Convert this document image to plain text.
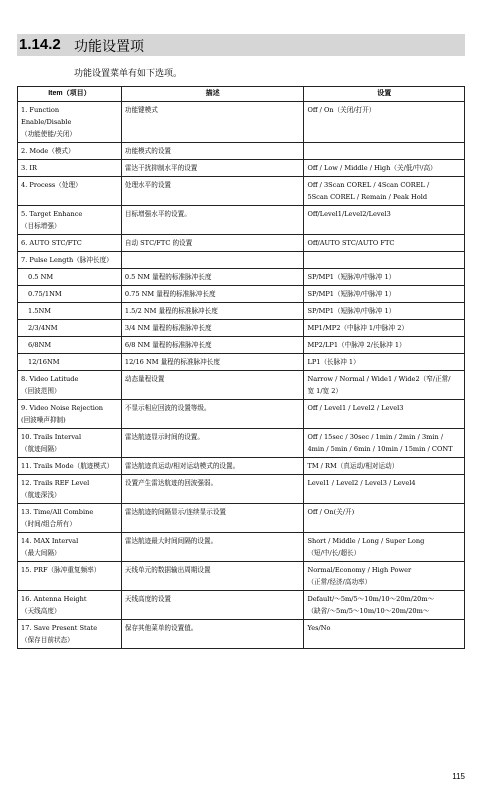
1.14.2 功能设置项
功能设置菜单有如下选项。
Item（项目）	描述	设置

1. Function
Enable/Disable
（功能使能/关闭）	功能键模式	Off / On（关闭/打开）

2. Mode（模式）	功能模式的设置	

3. IR	雷达干扰抑制水平的设置	Off / Low / Middle / High（关/低/中/高）

4. Process（处理）	处理水平的设置	Off / 3Scan COREL / 4Scan COREL /
5Scan COREL / Remain / Peak Hold

5. Target Enhance
（目标增强）	目标增强水平的设置。	Off/Level1/Level2/Level3

6. AUTO STC/FTC	自动 STC/FTC 的设置	Off/AUTO STC/AUTO FTC

7. Pulse Length（脉冲长度）		

0.5 NM	0.5 NM 量程的标准脉冲长度	SP/MP1（短脉冲/中脉冲 1）

0.75/1NM	0.75 NM 量程的标准脉冲长度	SP/MP1（短脉冲/中脉冲 1）

1.5NM	1.5/2 NM 量程的标准脉冲长度	SP/MP1（短脉冲/中脉冲 1）

2/3/4NM	3/4 NM 量程的标准脉冲长度	MP1/MP2（中脉冲 1/中脉冲 2）

6/8NM	6/8 NM 量程的标准脉冲长度	MP2/LP1（中脉冲 2/长脉冲 1）

12/16NM	12/16 NM 量程的标准脉冲长度	LP1（长脉冲 1）

8. Video Latitude
（回波范围）	动态量程设置	Narrow / Normal / Wide1 / Wide2（窄/正常/
宽 1/宽 2）

9. Video Noise Rejection
(回波噪声抑制)	不显示相应回波的设置等级。	Off / Level1 / Level2 / Level3

10. Trails Interval
（航迹间隔）	雷达航迹显示时间的设置。	Off / 15sec / 30sec / 1min / 2min / 3min /
4min / 5min / 6min / 10min / 15min / CONT

11. Trails Mode（航迹模式）	雷达航迹真运动/相对运动模式的设置。	TM / RM（真运动/相对运动）

12. Trails REF Level
（航迹深浅）	设置产生雷达航迹的回波强弱。	Level1 / Level2 / Level3 / Level4

13. Time/All Combine
（时间/组合所有）	雷达航迹的间隔显示/连续显示设置	Off / On(关/开)

14. MAX Interval
（最大间隔）	雷达航迹最大时间间隔的设置。	Short / Middle / Long / Super Long
（短/中/长/超长）

15. PRF（脉冲重复频率）	天线单元的数据输出周期设置	Normal/Economy / High Power
（正常/经济/高功率）

16. Antenna Height
（天线高度）	天线高度的设置	Default/～5m/5～10m/10～20m/20m～
（缺省/～5m/5～10m/10～20m/20m～

17. Save Present State
（保存目前状态）	保存其他菜单的设置值。	Yes/No
115
